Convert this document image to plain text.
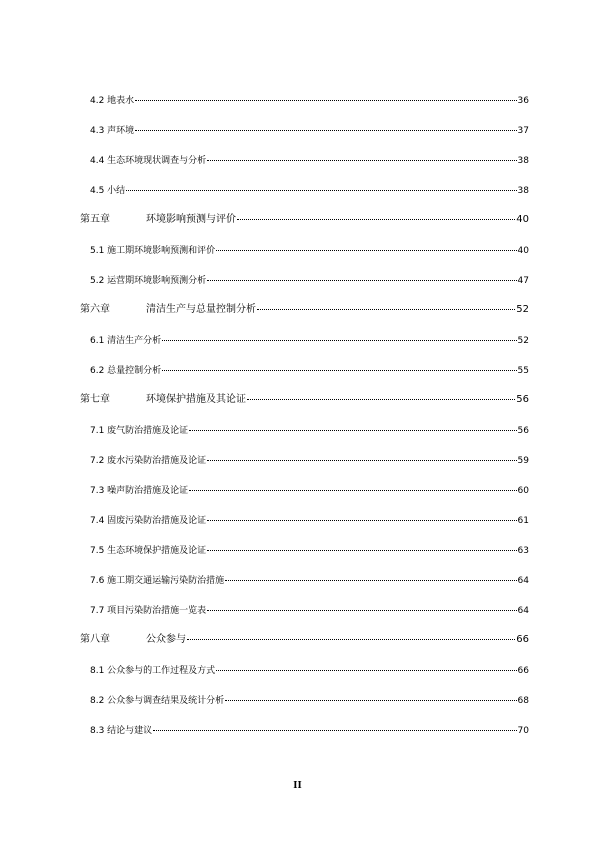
4.2 地表水	36
4.3 声环境	37
4.4 生态环境现状调查与分析	38
4.5 小结	38
第五章	环境影响预测与评价	40
5.1 施工期环境影响预测和评价	40
5.2 运营期环境影响预测分析	47
第六章	清洁生产与总量控制分析	52
6.1 清洁生产分析	52
6.2 总量控制分析	55
第七章	环境保护措施及其论证	56
7.1 废气防治措施及论证	56
7.2 废水污染防治措施及论证	59
7.3 噪声防治措施及论证	60
7.4 固废污染防治措施及论证	61
7.5 生态环境保护措施及论证	63
7.6 施工期交通运输污染防治措施	64
7.7 项目污染防治措施一览表	64
第八章	公众参与	66
8.1 公众参与的工作过程及方式	66
8.2 公众参与调查结果及统计分析	68
8.3 结论与建议	70
II
